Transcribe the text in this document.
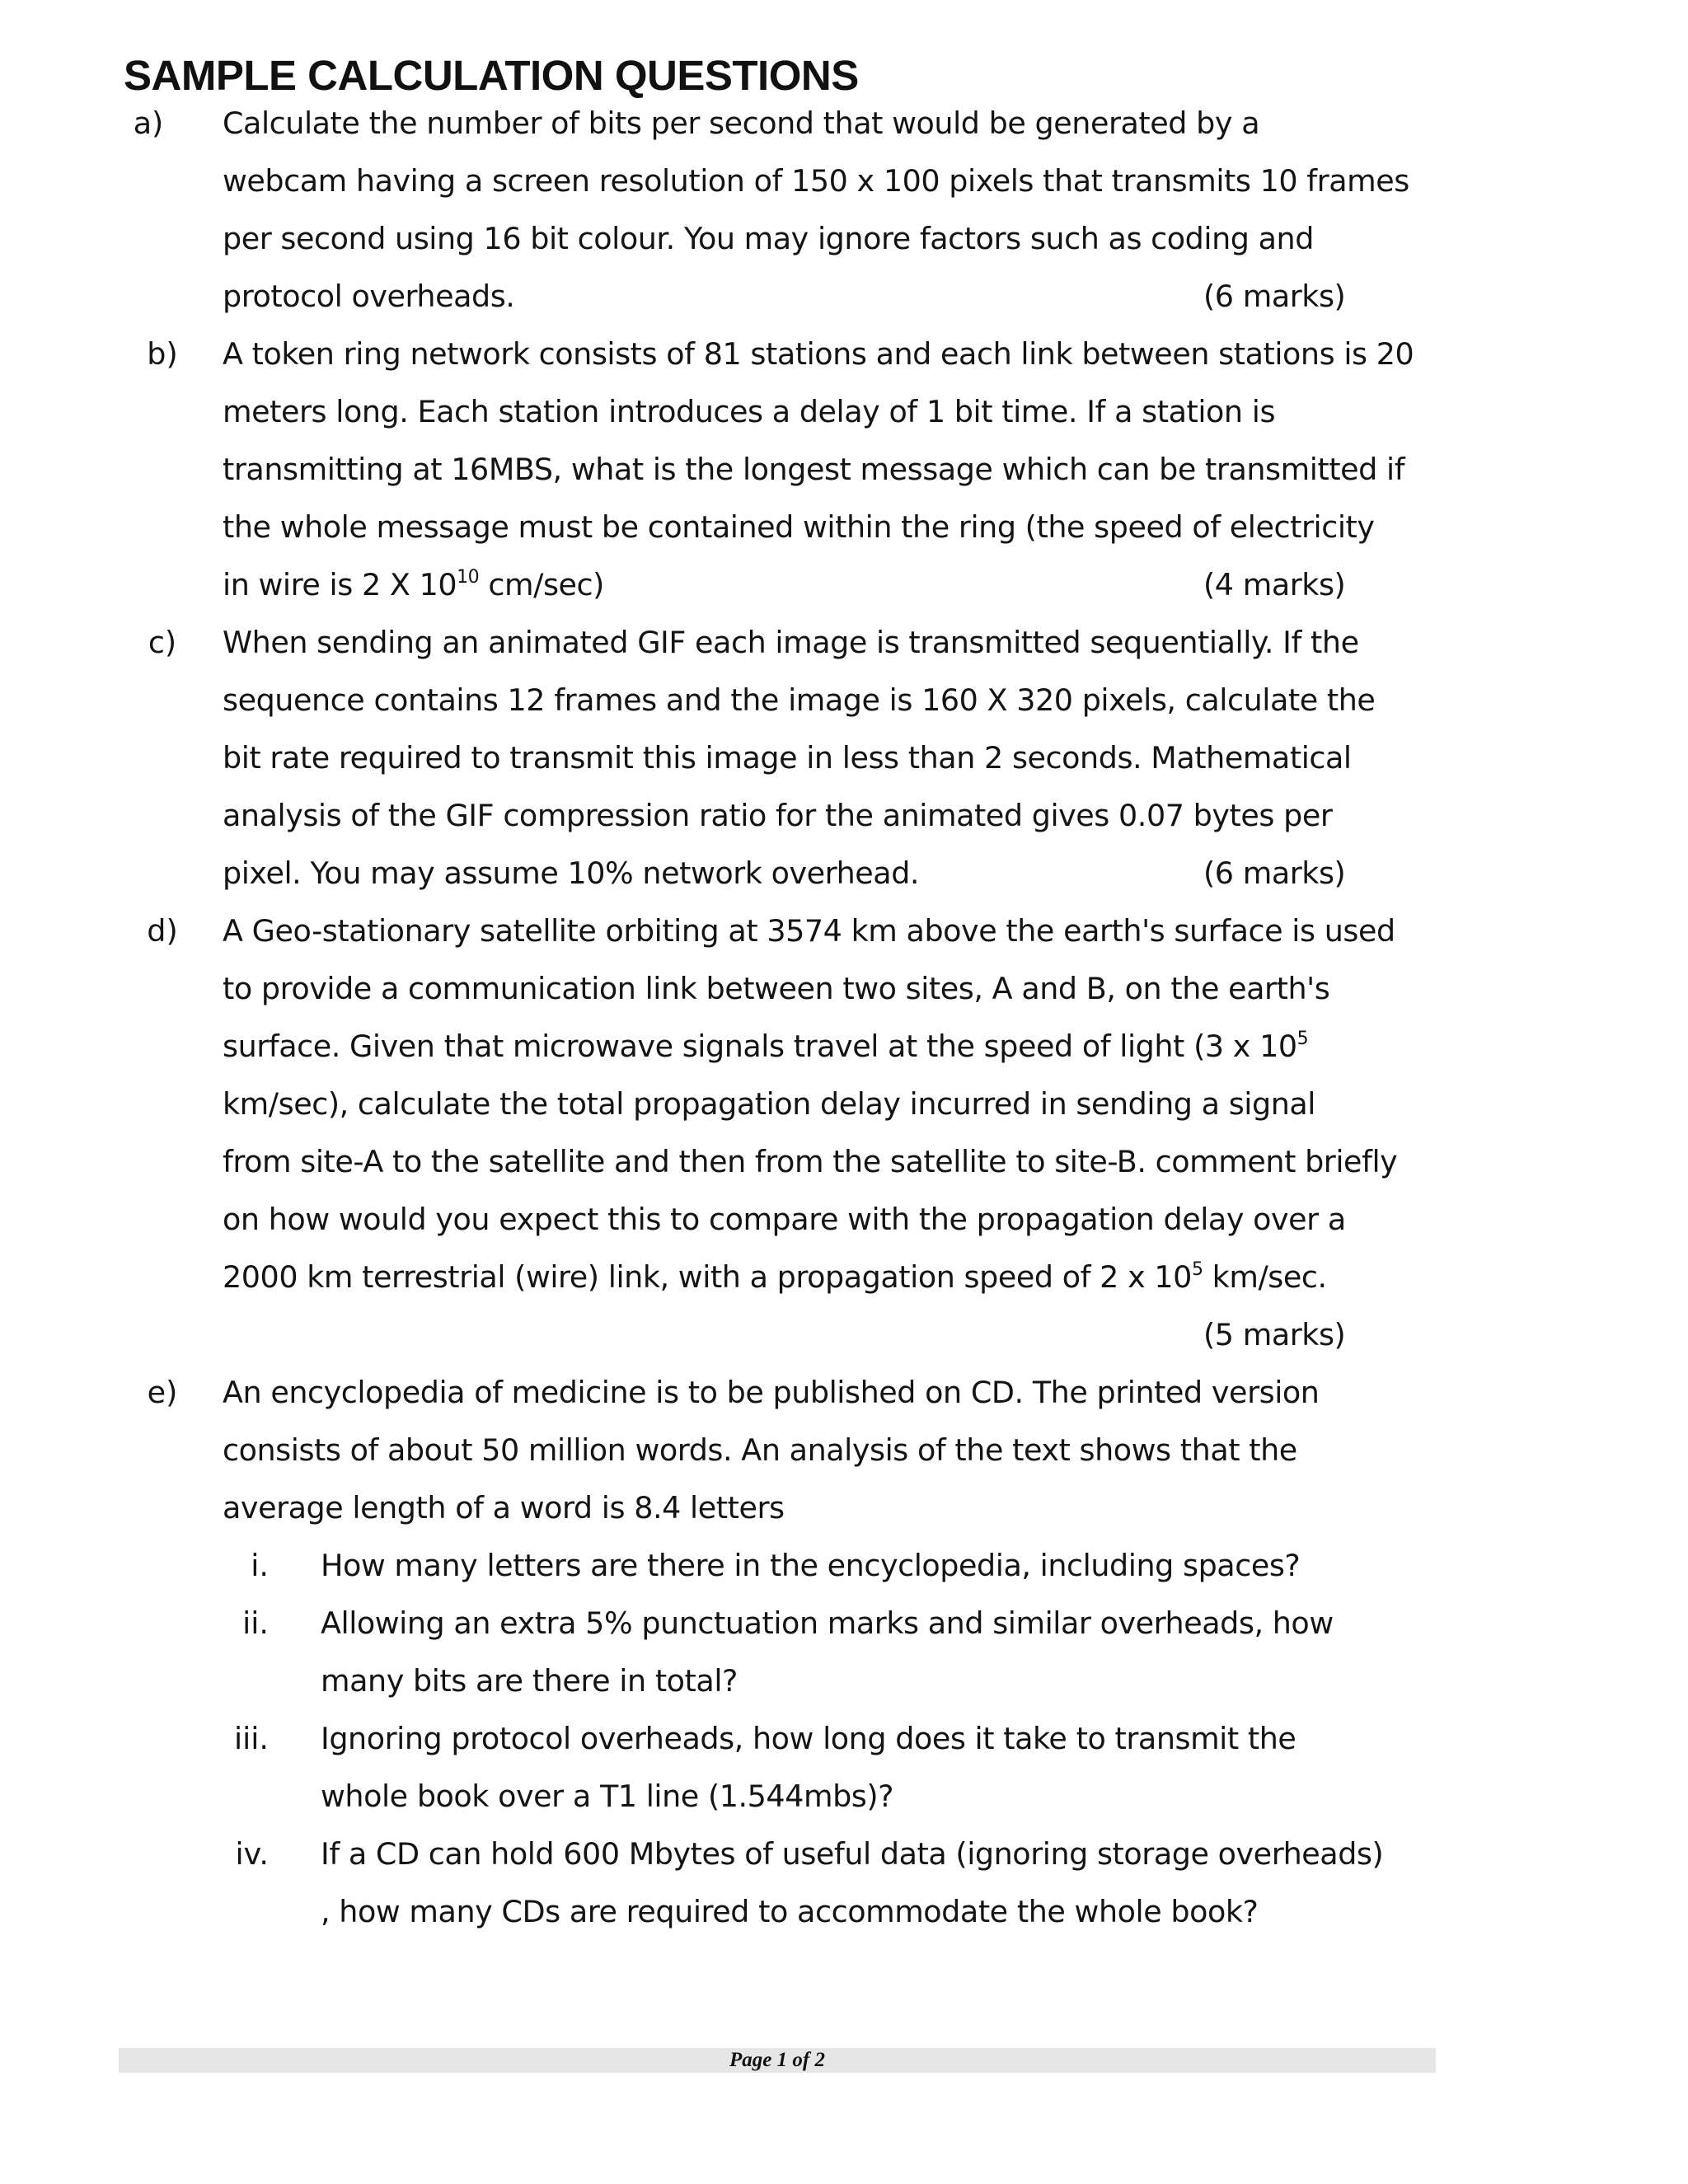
SAMPLE CALCULATION QUESTIONS
a)	Calculate the number of bits per second that would be generated by a
webcam having a screen resolution of 150 x 100 pixels that transmits 10 frames
per second using 16 bit colour. You may ignore factors such as coding and
protocol overheads.	(6 marks)
b)	A token ring network consists of 81 stations and each link between stations is 20
meters long. Each station introduces a delay of 1 bit time. If a station is
transmitting at 16MBS, what is the longest message which can be transmitted if
the whole message must be contained within the ring (the speed of electricity
in wire is 2 X $10^{10}$ cm/sec)	(4 marks)
c)	When sending an animated GIF each image is transmitted sequentially. If the
sequence contains 12 frames and the image is 160 X 320 pixels, calculate the
bit rate required to transmit this image in less than 2 seconds. Mathematical
analysis of the GIF compression ratio for the animated gives 0.07 bytes per
pixel. You may assume 10% network overhead.	(6 marks)
d)	A Geo-stationary satellite orbiting at 3574 km above the earth's surface is used
to provide a communication link between two sites, A and B, on the earth's
surface. Given that microwave signals travel at the speed of light (3 x $10^5$
km/sec), calculate the total propagation delay incurred in sending a signal
from site-A to the satellite and then from the satellite to site-B. comment briefly
on how would you expect this to compare with the propagation delay over a
2000 km terrestrial (wire) link, with a propagation speed of 2 x $10^5$ km/sec.
(5 marks)
e)	An encyclopedia of medicine is to be published on CD. The printed version
consists of about 50 million words. An analysis of the text shows that the
average length of a word is 8.4 letters
i. How many letters are there in the encyclopedia, including spaces?
ii. Allowing an extra 5% punctuation marks and similar overheads, how
many bits are there in total?
iii. Ignoring protocol overheads, how long does it take to transmit the
whole book over a T1 line (1.544mbs)?
iv. If a CD can hold 600 Mbytes of useful data (ignoring storage overheads)
, how many CDs are required to accommodate the whole book?
Page 1 of 2
